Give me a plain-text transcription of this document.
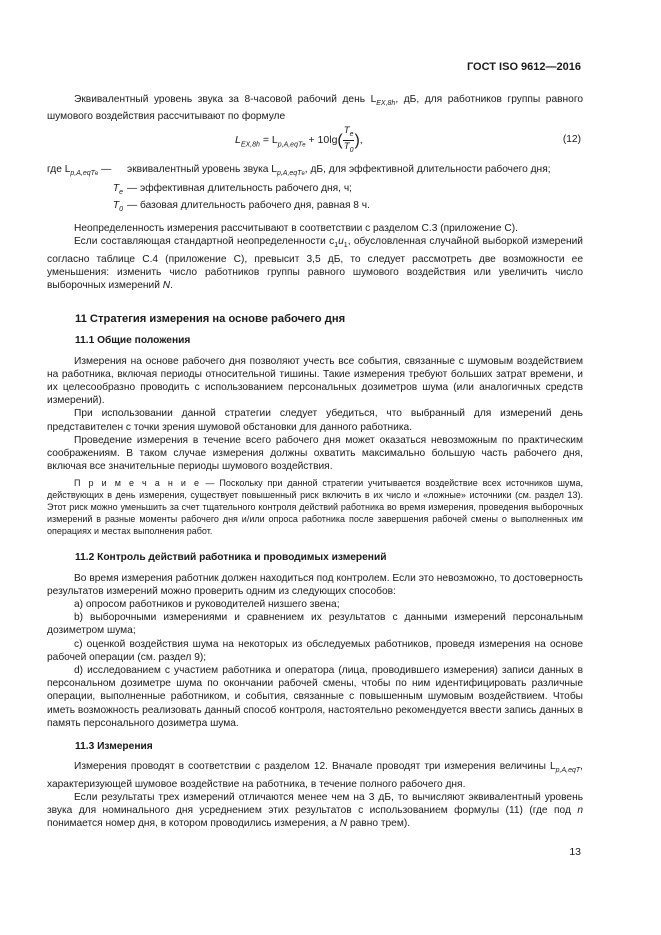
ГОСТ ISO 9612—2016

Эквивалентный уровень звука за 8-часовой рабочий день $L_{EX,8h}$, дБ, для работников группы равного шумового воздействия рассчитывают по формуле

$L_{EX,8h} = L_{p,A,eqTe} + 10\lg( \frac{T_e}{T_0}$ ),	(12)
где $L_{p,A,eqTe}$ —	эквивалентный уровень звука $L_{p,A,eqTe}$, дБ, для эффективной длительности рабочего дня;
$T_e$ — эффективная длительность рабочего дня, ч;
$T_0$ — базовая длительность рабочего дня, равная 8 ч.

Неопределенность измерения рассчитывают в соответствии с разделом С.3 (приложение С).

Если составляющая стандартной неопределенности $c_1u_1$, обусловленная случайной выборкой измерений согласно таблице С.4 (приложение С), превысит 3,5 дБ, то следует рассмотреть две возможности ее уменьшения: изменить число работников группы равного шумового воздействия или увеличить число выборочных измерений N.

11 Стратегия измерения на основе рабочего дня
11.1 Общие положения

Измерения на основе рабочего дня позволяют учесть все события, связанные с шумовым воздействием на работника, включая периоды относительной тишины. Такие измерения требуют больших затрат времени, и их целесообразно проводить с использованием персональных дозиметров шума (или аналогичных средств измерений).

При использовании данной стратегии следует убедиться, что выбранный для измерений день представителен с точки зрения шумовой обстановки для данного работника.

Проведение измерения в течение всего рабочего дня может оказаться невозможным по практическим соображениям. В таком случае измерения должны охватить максимально большую часть рабочего дня, включая все значительные периоды шумового воздействия.

П р и м е ч а н и е — Поскольку при данной стратегии учитывается воздействие всех источников шума, действующих в день измерения, существует повышенный риск включить в их число и «ложные» источники (см. раздел 13). Этот риск можно уменьшить за счет тщательного контроля действий работника во время измерения, проведения выборочных измерений в разные моменты рабочего дня и/или опроса работника после завершения рабочей смены о выполненных им операциях и местах выполнения работ.

11.2 Контроль действий работника и проводимых измерений

Во время измерения работник должен находиться под контролем. Если это невозможно, то достоверность результатов измерений можно проверить одним из следующих способов:

а) опросом работников и руководителей низшего звена;

b) выборочными измерениями и сравнением их результатов с данными измерений персональным дозиметром шума;

с) оценкой воздействия шума на некоторых из обследуемых работников, проведя измерения на основе рабочей операции (см. раздел 9);

d) исследованием с участием работника и оператора (лица, проводившего измерения) записи данных в персональном дозиметре шума по окончании рабочей смены, чтобы по ним идентифицировать различные операции, выполненные работником, и события, связанные с повышенным шумовым воздействием. Чтобы иметь возможность реализовать данный способ контроля, настоятельно рекомендуется ввести запись данных в память персонального дозиметра шума.

11.3 Измерения

Измерения проводят в соответствии с разделом 12. Вначале проводят три измерения величины $L_{p,A,eqT}$, характеризующей шумовое воздействие на работника, в течение полного рабочего дня.

Если результаты трех измерений отличаются менее чем на 3 дБ, то вычисляют эквивалентный уровень звука для номинального дня усреднением этих результатов с использованием формулы (11) (где под n понимается номер дня, в котором проводились измерения, а N равно трем).

13
